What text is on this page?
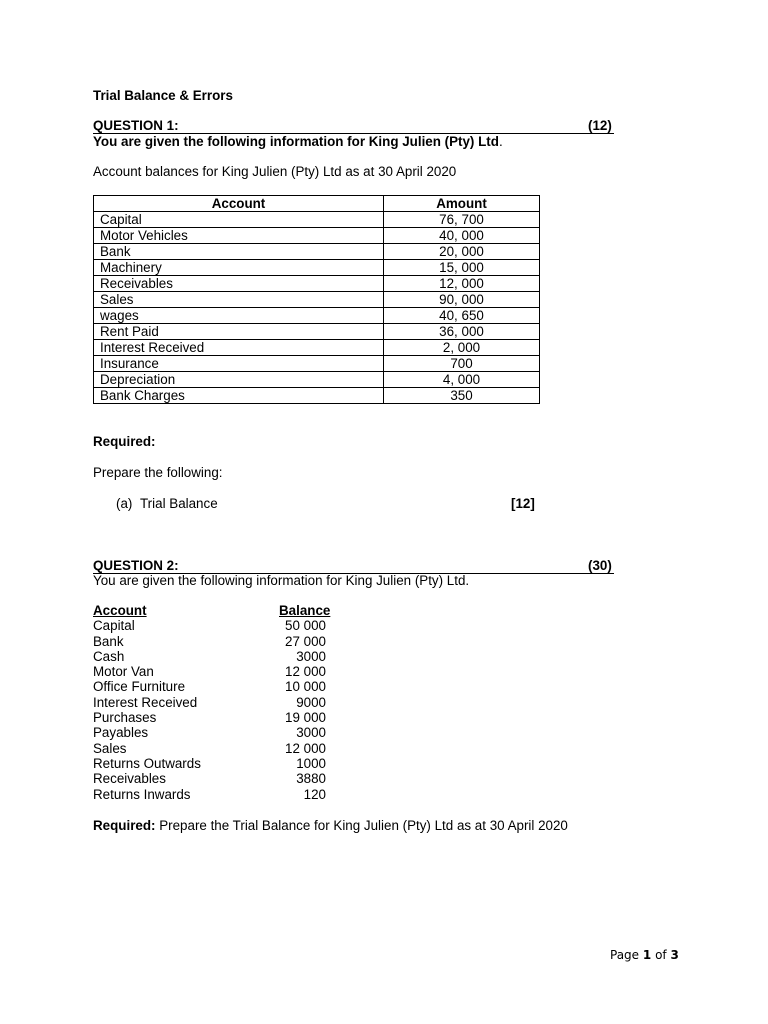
Trial Balance & Errors
QUESTION 1:	(12)
You are given the following information for King Julien (Pty) Ltd.
Account balances for King Julien (Pty) Ltd as at 30 April 2020
Account	Amount
Capital	76, 700
Motor Vehicles	40, 000
Bank	20, 000
Machinery	15, 000
Receivables	12, 000
Sales	90, 000
wages	40, 650
Rent Paid	36, 000
Interest Received	2, 000
Insurance	700
Depreciation	4, 000
Bank Charges	350
Required:
Prepare the following:
(a) Trial Balance	[12]
QUESTION 2:	(30)
You are given the following information for King Julien (Pty) Ltd.
Account	Balance
Capital	50 000
Bank	27 000
Cash	3000
Motor Van	12 000
Office Furniture	10 000
Interest Received	9000
Purchases	19 000
Payables	3000
Sales	12 000
Returns Outwards	1000
Receivables	3880
Returns Inwards	120
Required: Prepare the Trial Balance for King Julien (Pty) Ltd as at 30 April 2020
Page 1 of 3
